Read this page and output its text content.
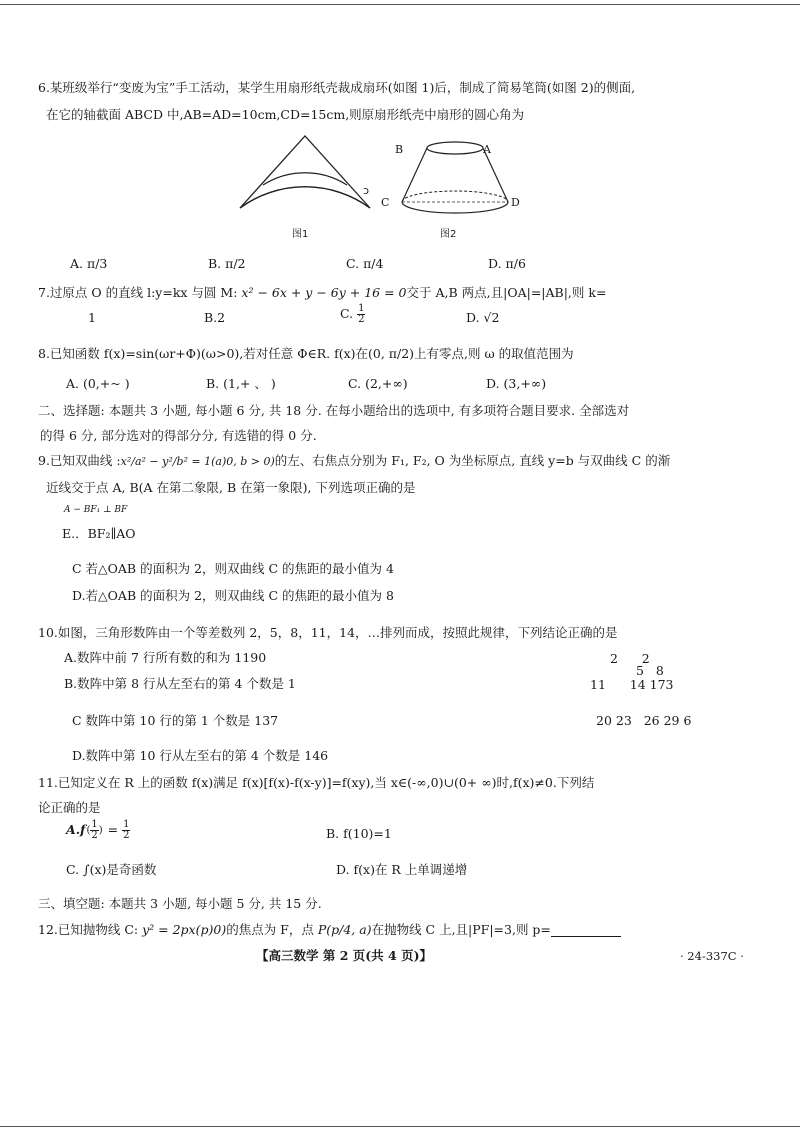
6.某班级举行“变废为宝”手工活动，某学生用扇形纸壳裁成扇环(如图 1)后，制成了简易笔筒(如图 2)的侧面,
在它的轴截面 ABCD 中,AB=AD=10cm,CD=15cm,则原扇形纸壳中扇形的圆心角为
ↄ
图1
B	A
C	D
图2
A. π/3	B. π/2	C. π/4	D. π/6
7.过原点 O 的直线 l:y=kx 与圆 M: x² − 6x + y − 6y + 16 = 0交于 A,B 两点,且|OA|=|AB|,则 k=
1	B.2	C. $\frac{1}{2}$	D. √2
8.已知函数 f(x)=sin(ωr+Φ)(ω>0),若对任意 Φ∈R. f(x)在(0, π/2)上有零点,则 ω 的取值范围为
A. (0,+~ )	B. (1,+ 、 )	C. (2,+∞)	D. (3,+∞)
二、选择题: 本题共 3 小题, 每小题 6 分, 共 18 分. 在每小题给出的选项中, 有多项符合题目要求. 全部选对
的得 6 分, 部分选对的得部分分, 有选错的得 0 分.
9.已知双曲线 :x²/a² − y²/b² = 1(a)0, b > 0)的左、右焦点分别为 F₁, F₂, O 为坐标原点, 直线 y=b 与双曲线 C 的渐
近线交于点 A, B(A 在第二象限, B 在第一象限), 下列选项正确的是
A − BF₁ ⊥ BF
E.．BF₂∥AO
C 若△OAB 的面积为 2，则双曲线 C 的焦距的最小值为 4
D.若△OAB 的面积为 2，则双曲线 C 的焦距的最小值为 8
10.如图，三角形数阵由一个等差数列 2，5，8，11，14，…排列而成，按照此规律，下列结论正确的是
A.数阵中前 7 行所有数的和为 1190
B.数阵中第 8 行从左至右的第 4 个数是 1
C 数阵中第 10 行的第 1 个数是 137
D.数阵中第 10 行从左至右的第 4 个数是 146
2      2
5   8
11      14 173
20 23   26 29 6
11.已知定义在 R 上的函数 f(x)满足 f(x)[f(x)-f(x-y)]=f(xy),当 x∈(-∞,0)∪(0+ ∞)时,f(x)≠0.下列结
论正确的是
$A.f( \frac{1}{2}$ ) = $\frac{1}{2}$	B. f(10)=1
C. ∫(x)是奇函数	D. f(x)在 R 上单调递增
三、填空题: 本题共 3 小题, 每小题 5 分, 共 15 分.
12.已知抛物线 C: y² = 2px(p)0)的焦点为 F，点 P(p/4, a)在抛物线 C 上,且|PF|=3,则 p=
【高三数学 第 2 页(共 4 页)】	· 24-337C ·
